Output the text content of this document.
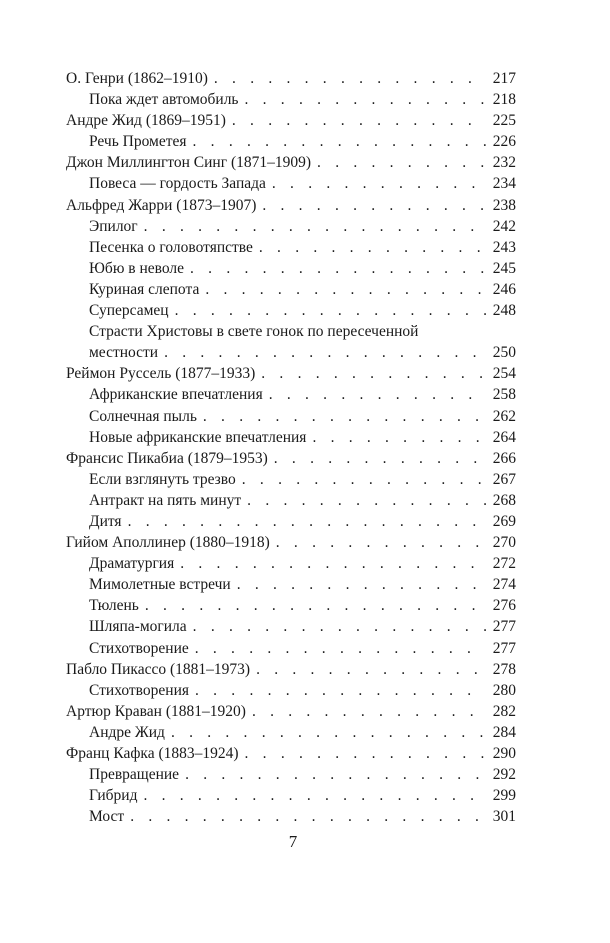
О. Генри (1862–1910) . . .	217
Пока ждет автомобиль . . .	218
Андре Жид (1869–1951) . . .	225
Речь Прометея . . .	226
Джон Миллингтон Синг (1871–1909) . . .	232
Повеса — гордость Запада . . .	234
Альфред Жарри (1873–1907) . . .	238
Эпилог . . .	242
Песенка о головотяпстве . . .	243
Юбю в неволе . . .	245
Куриная слепота . . .	246
Суперсамец . . .	248
Страсти Христовы в свете гонок по пересеченной
местности . . .	250
Реймон Руссель (1877–1933) . . .	254
Африканские впечатления . . .	258
Солнечная пыль . . .	262
Новые африканские впечатления . . .	264
Франсис Пикабиа (1879–1953) . . .	266
Если взглянуть трезво . . .	267
Антракт на пять минут . . .	268
Дитя . . .	269
Гийом Аполлинер (1880–1918) . . .	270
Драматургия . . .	272
Мимолетные встречи . . .	274
Тюлень . . .	276
Шляпа-могила . . .	277
Стихотворение . . .	277
Пабло Пикассо (1881–1973) . . .	278
Стихотворения . . .	280
Артюр Краван (1881–1920) . . .	282
Андре Жид . . .	284
Франц Кафка (1883–1924) . . .	290
Превращение . . .	292
Гибрид . . .	299
Мост . . .	301
7
